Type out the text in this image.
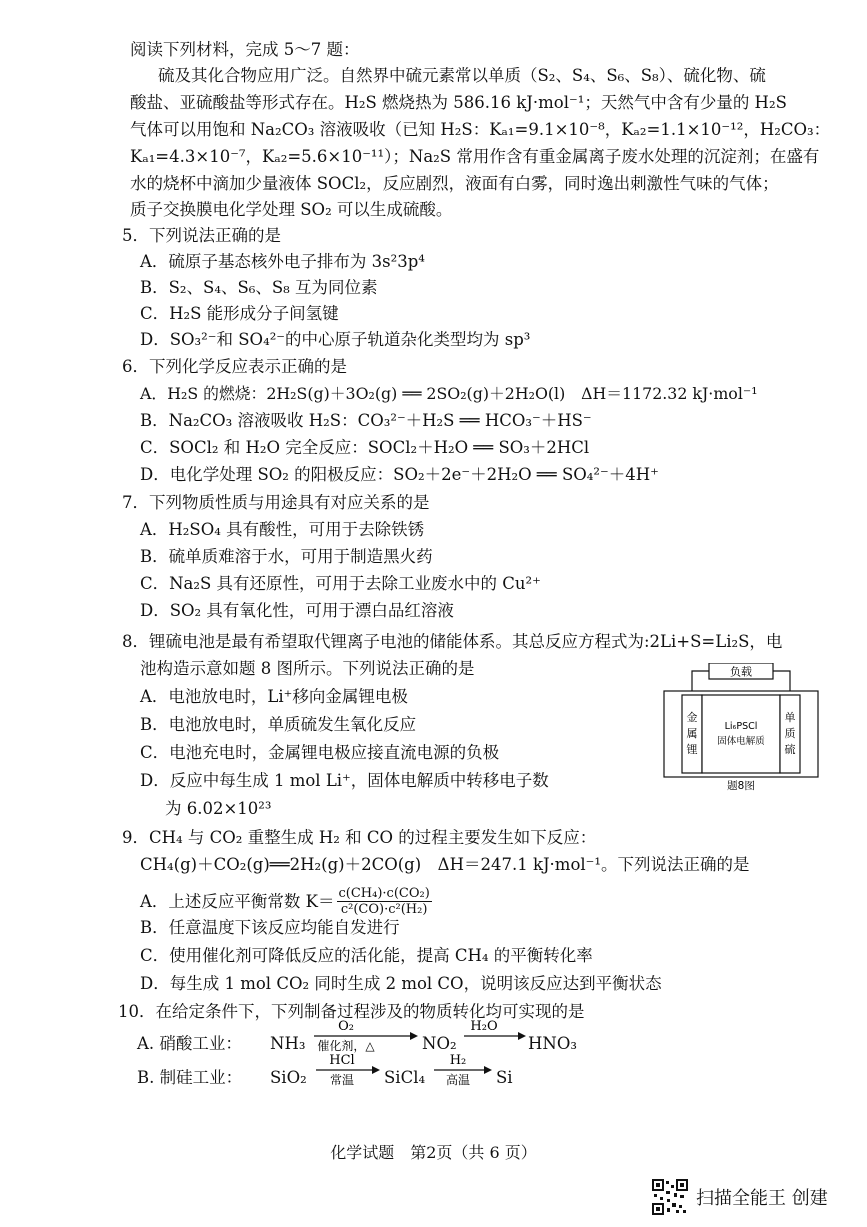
阅读下列材料，完成 5～7 题：
硫及其化合物应用广泛。自然界中硫元素常以单质（S₂、S₄、S₆、S₈）、硫化物、硫
酸盐、亚硫酸盐等形式存在。H₂S 燃烧热为 586.16 kJ·mol⁻¹；天然气中含有少量的 H₂S
气体可以用饱和 Na₂CO₃ 溶液吸收（已知 H₂S：Kₐ₁=9.1×10⁻⁸，Kₐ₂=1.1×10⁻¹²，H₂CO₃：
Kₐ₁=4.3×10⁻⁷，Kₐ₂=5.6×10⁻¹¹）；Na₂S 常用作含有重金属离子废水处理的沉淀剂；在盛有
水的烧杯中滴加少量液体 SOCl₂，反应剧烈，液面有白雾，同时逸出刺激性气味的气体；
质子交换膜电化学处理 SO₂ 可以生成硫酸。
5．下列说法正确的是
A．硫原子基态核外电子排布为 3s²3p⁴
B．S₂、S₄、S₆、S₈ 互为同位素
C．H₂S 能形成分子间氢键
D．SO₃²⁻和 SO₄²⁻的中心原子轨道杂化类型均为 sp³
6．下列化学反应表示正确的是
A．H₂S 的燃烧：2H₂S(g)＋3O₂(g) ══ 2SO₂(g)＋2H₂O(l)　ΔH＝1172.32 kJ·mol⁻¹
B．Na₂CO₃ 溶液吸收 H₂S：CO₃²⁻＋H₂S ══ HCO₃⁻＋HS⁻
C．SOCl₂ 和 H₂O 完全反应：SOCl₂＋H₂O ══ SO₃＋2HCl
D．电化学处理 SO₂ 的阳极反应：SO₂＋2e⁻＋2H₂O ══ SO₄²⁻＋4H⁺
7．下列物质性质与用途具有对应关系的是
A．H₂SO₄ 具有酸性，可用于去除铁锈
B．硫单质难溶于水，可用于制造黑火药
C．Na₂S 具有还原性，可用于去除工业废水中的 Cu²⁺
D．SO₂ 具有氧化性，可用于漂白品红溶液
8．锂硫电池是最有希望取代锂离子电池的储能体系。其总反应方程式为:2Li+S=Li₂S，电
池构造示意如题 8 图所示。下列说法正确的是
A．电池放电时，Li⁺移向金属锂电极
B．电池放电时，单质硫发生氧化反应
C．电池充电时，金属锂电极应接直流电源的负极
D．反应中每生成 1 mol Li⁺，固体电解质中转移电子数
为 6.02×10²³
负载
金
属
锂
Li₆PSCl
固体电解质
单
质
硫
题8图
9．CH₄ 与 CO₂ 重整生成 H₂ 和 CO 的过程主要发生如下反应：
CH₄(g)＋CO₂(g)══2H₂(g)＋2CO(g)　ΔH＝247.1 kJ·mol⁻¹。下列说法正确的是
A．上述反应平衡常数 $K= \frac{\text{c(CH₄)·c(CO₂)}}{\text{c²(CO)·c²(H₂)}}$
B．任意温度下该反应均能自发进行
C．使用催化剂可降低反应的活化能，提高 CH₄ 的平衡转化率
D．每生成 1 mol CO₂ 同时生成 2 mol CO，说明该反应达到平衡状态
10．在给定条件下，下列制备过程涉及的物质转化均可实现的是
A. 硝酸工业： NH₃
O₂
催化剂，△	NO₂
H₂O
HNO₃
B. 制硅工业： SiO₂
HCl
常温 SiCl₄
H₂
高温 Si
化学试题　第2页（共 6 页）
扫描全能王 创建
